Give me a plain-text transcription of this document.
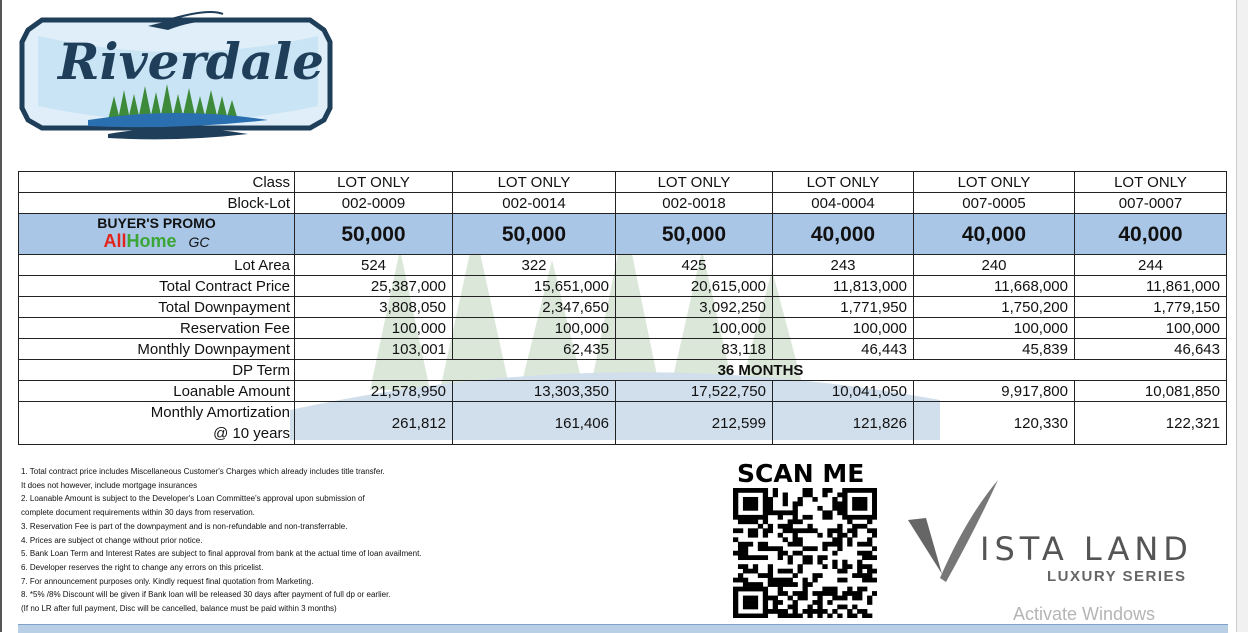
Riverdale
Class	LOT ONLY	LOT ONLY	LOT ONLY	LOT ONLY	LOT ONLY	LOT ONLY
Block-Lot	002-0009	002-0014	002-0018	004-0004	007-0005	007-0007

BUYER'S PROMO
AllHome GC	50,000	50,000	50,000	40,000	40,000	40,000
Lot Area	524	322	425	243	240	244
Total Contract Price	25,387,000	15,651,000	20,615,000	11,813,000	11,668,000	11,861,000
Total Downpayment	3,808,050	2,347,650	3,092,250	1,771,950	1,750,200	1,779,150
Reservation Fee	100,000	100,000	100,000	100,000	100,000	100,000
Monthly Downpayment	103,001	62,435	83,118	46,443	45,839	46,643
DP Term	36 MONTHS					
Loanable Amount	21,578,950	13,303,350	17,522,750	10,041,050	9,917,800	10,081,850

Monthly Amortization
@ 10 years	261,812	161,406	212,599	121,826	120,330	122,321
1. Total contract price includes Miscellaneous Customer's Charges which already includes title transfer.
It does not however, include mortgage insurances
2. Loanable Amount is subject to the Developer's Loan Committee's approval upon submission of
complete document requirements within 30 days from reservation.
3. Reservation Fee is part of the downpayment and is non-refundable and non-transferrable.
4. Prices are subject ot change without prior notice.
5. Bank Loan Term and Interest Rates are subject to final approval from bank at the actual time of loan availment.
6. Developer reserves the right to change any errors on this pricelist.
7. For announcement purposes only. Kindly request final quotation from Marketing.
8. *5% /8% Discount will be given if Bank loan will be released 30 days after payment of full dp or earlier.
(If no LR after full payment, Disc will be cancelled, balance must be paid within 3 months)
SCAN ME
ISTA LAND
LUXURY SERIES
Activate Windows
